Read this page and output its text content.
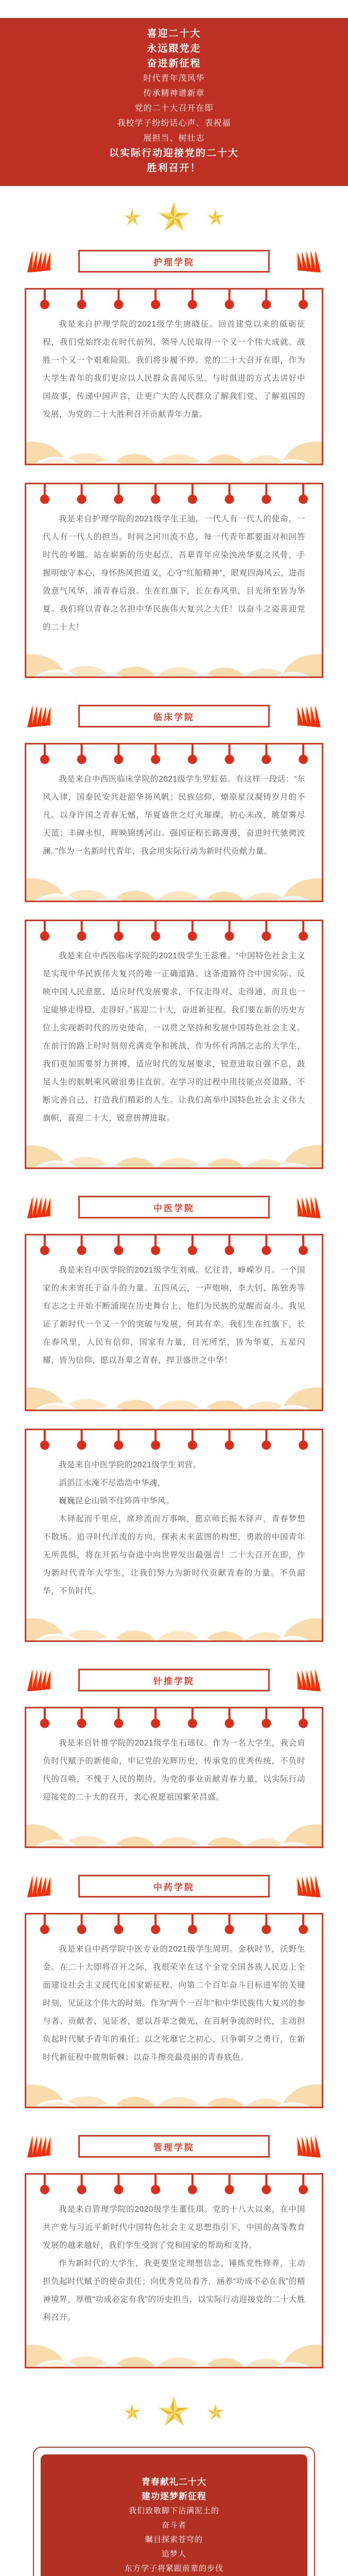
喜迎二十大
永远跟党走
奋进新征程
时代青年茂风华
传承精神谱新章
党的二十大召开在即
我校学子纷纷话心声、表祝福
展担当、树壮志
以实际行动迎接党的二十大
胜利召开！
护理学院

我是来自护理学院的2021级学生唐晓征。回首建党以来的砥砺征程，我们党始终走在时代前列，领导人民取得一个又一个伟大成就、战胜一个又一个艰难险阻。我们将步履不停。党的二十大召开在即，作为大学生青年的我们更应以人民群众喜闻乐见、与时俱进的方式去讲好中国故事，传递中国声音，让更广大的人民群众了解我们党、了解祖国的发展，为党的二十大胜利召开贡献青年力量。

我是来自护理学院的2021级学生王迪。一代人有一代人的使命，一代人有一代人的担当。时间之河川流不息，每一代青年都要面对和回答时代的考题。站在崭新的历史起点，吾辈青年应染泱泱华夏之风骨，手握明烛守本心，身怀热风担道义，心守“红船精神”，眼观四海风云，进而敛意气风华，涌青春后浪。生在红旗下，长在春风里，目光所至皆为华夏。我们将以青春之名担中华民族伟大复兴之大任！以奋斗之姿喜迎党的二十大！

临床学院

我是来自中西医临床学院的2021级学生罗虹茹。有这样一段话：“东风入律，国泰民安共赴韶华扬风帆；民族信仰，燎原星汉凝铸岁月的不凡。以身许国之青春无憾，华夏盛世之灯火璀璨，初心未改，眺望雾尽天蓝；丰碑永恒，辉映锦绣河山。强国征程长路漫漫，奋进时代驰骋波澜。”作为一名新时代青年，我会用实际行动为新时代贡献力量。

我是来自中西医临床学院的2021级学生王蕊雅。“中国特色社会主义是实现中华民族伟大复兴的唯一正确道路。这条道路符合中国实际、反映中国人民意愿、适应时代发展要求，不仅走得对、走得通，而且也一定能够走得稳、走得好。”喜迎二十大，奋进新征程。我们要在新的历史方位上实现新时代的历史使命，一以贯之坚持和发展中国特色社会主义。在前行的路上时时刻刻充满竞争和挑战，作为怀有鸿鹄之志的大学生，我们更加需要努力拼搏，适应时代的发展要求，锐意进取自强不息，鼓足人生的航帆乘风破浪勇往直前。在学习的过程中用技能点亮道路，不断完善自己，打造我们精彩的人生。让我们高举中国特色社会主义伟大旗帜，喜迎二十大，锐意拼搏进取。

中医学院

我是来自中医学院的2021级学生刘威。忆往昔，峥嵘岁月。一个国家的未来寄托于奋斗的力量。五四风云，一声炮响，李大钊、陈独秀等有志之士开始不断涌现在历史舞台上，他们为民族的觉醒而奋斗。我见证了新时代一个又一个的突破与发展，何其有幸。我们生在红旗下，长在春风里，人民有信仰，国家有力量，目光所至，皆为华夏，五星闪耀，皆为信仰，愿以吾辈之青春，捍卫盛世之中华！

我是来自中医学院的2021级学生刘营。

滔滔江水淹不尽浩浩中华魂，

巍巍昆仑山锁不住阵阵中华风。

木铎起而千里应，席珍流而万事响，愿京师长振木铎声，青春梦想不散场。追寻时代洋流的方向，探索未来蓝图的构想，勇敢的中国青年无所畏惧，将在开拓与奋进中向世界发出最强音！二十大召开在即，作为新时代青年大学生，让我们努力为新时代贡献青春的力量。不负韶华，不负时代。

针推学院

我是来自针推学院的2021级学生石瑶仪。作为一名大学生，我会肩负时代赋予的新使命，牢记党的光辉历史，传承党的优秀传统，不负时代的召唤，不愧于人民的期待，为党的事业贡献青春力量，以实际行动迎接党的二十大的召开，衷心祝愿祖国繁荣昌盛。

中药学院

我是来自中药学院中医专业的2021级学生周玥。金秋时节，沃野生金。在二十大即将召开之际，我很荣幸在这个全党全国各族人民迈上全面建设社会主义现代化国家新征程、向第二个百年奋斗目标进军的关键时刻，见证这个伟大的时刻。作为“两个一百年”和中华民族伟大复兴的参与者、贡献者、见证者，愿以吾辈之微光，在百舸争流的时代，主动担负起时代赋予青年的重任；以之死靡它之初心、只争朝夕之勇行，在新时代新征程中披荆斩棘；以奋斗擦亮最亮丽的青春底色。

管理学院

我是来自管理学院的2020级学生董佳琪。党的十八大以来，在中国共产党与习近平新时代中国特色社会主义思想指引下，中国的高等教育发展的越来越好，我们学生受到了党和国家的帮助和支持。

作为新时代的大学生，我更要坚定理想信念、锤炼党性修养，主动担负起时代赋予的使命责任；向优秀党员看齐，涵养“功成不必在我”的精神境界，厚植“功成必定有我”的历史担当，以实际行动迎接党的二十大胜利召开。

青春献礼二十大
建功逐梦新征程
我们致敬脚下沾满泥土的
奋斗者
瞩目探索苍穹的
追梦人
东方学子将紧跟前辈的步伐
